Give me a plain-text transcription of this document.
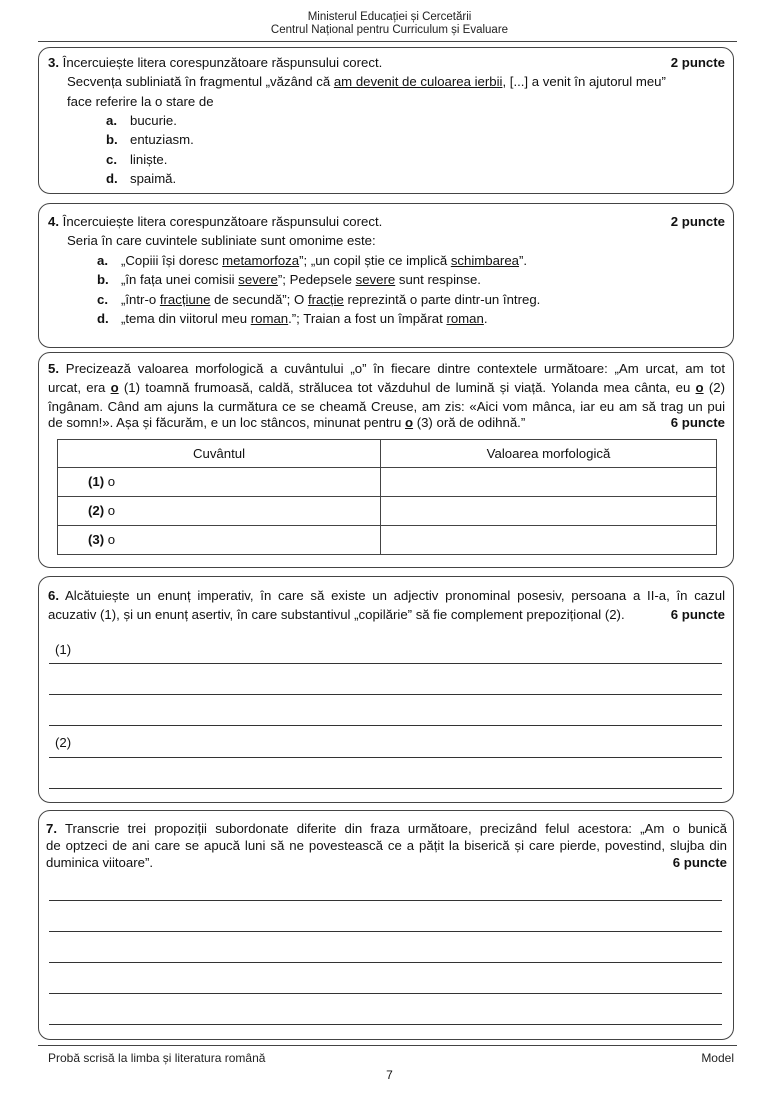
Ministerul Educației și Cercetării
Centrul Național pentru Curriculum și Evaluare
3. Încercuiește litera corespunzătoare răspunsului corect.	2 puncte
Secvența subliniată în fragmentul „văzând că am devenit de culoarea ierbii, [...] a venit în ajutorul meu”
face referire la o stare de
a. bucurie.
b. entuziasm.
c. liniște.
d. spaimă.
4. Încercuiește litera corespunzătoare răspunsului corect.	2 puncte
Seria în care cuvintele subliniate sunt omonime este:
a. „Copiii își doresc metamorfoza”; „un copil știe ce implică schimbarea”.
b. „în fața unei comisii severe”; Pedepsele severe sunt respinse.
c. „într-o fracțiune de secundă”; O fracție reprezintă o parte dintr-un întreg.
d. „tema din viitorul meu roman.”; Traian a fost un împărat roman.
5. Precizează valoarea morfologică a cuvântului „o” în fiecare dintre contextele următoare: „Am urcat, am tot
urcat, era o (1) toamnă frumoasă, caldă, strălucea tot văzduhul de lumină și viață. Yolanda mea cânta, eu o (2)
îngânam. Când am ajuns la curmătura ce se cheamă Creuse, am zis: «Aici vom mânca, iar eu am să trag un pui
de somn!». Așa și făcurăm, e un loc stâncos, minunat pentru o (3) oră de odihnă.”	6 puncte
Cuvântul	Valoarea morfologică
(1) o	
(2) o	
(3) o	
6. Alcătuiește un enunț imperativ, în care să existe un adjectiv pronominal posesiv, persoana a II-a, în cazul
acuzativ (1), și un enunț asertiv, în care substantivul „copilărie” să fie complement prepozițional (2).	6 puncte
(1)
(2)
7. Transcrie trei propoziții subordonate diferite din fraza următoare, precizând felul acestora: „Am o bunică
de optzeci de ani care se apucă luni să ne povestească ce a pățit la biserică și care pierde, povestind, slujba din
duminica viitoare”.	6 puncte
Probă scrisă la limba și literatura română	Model
7
